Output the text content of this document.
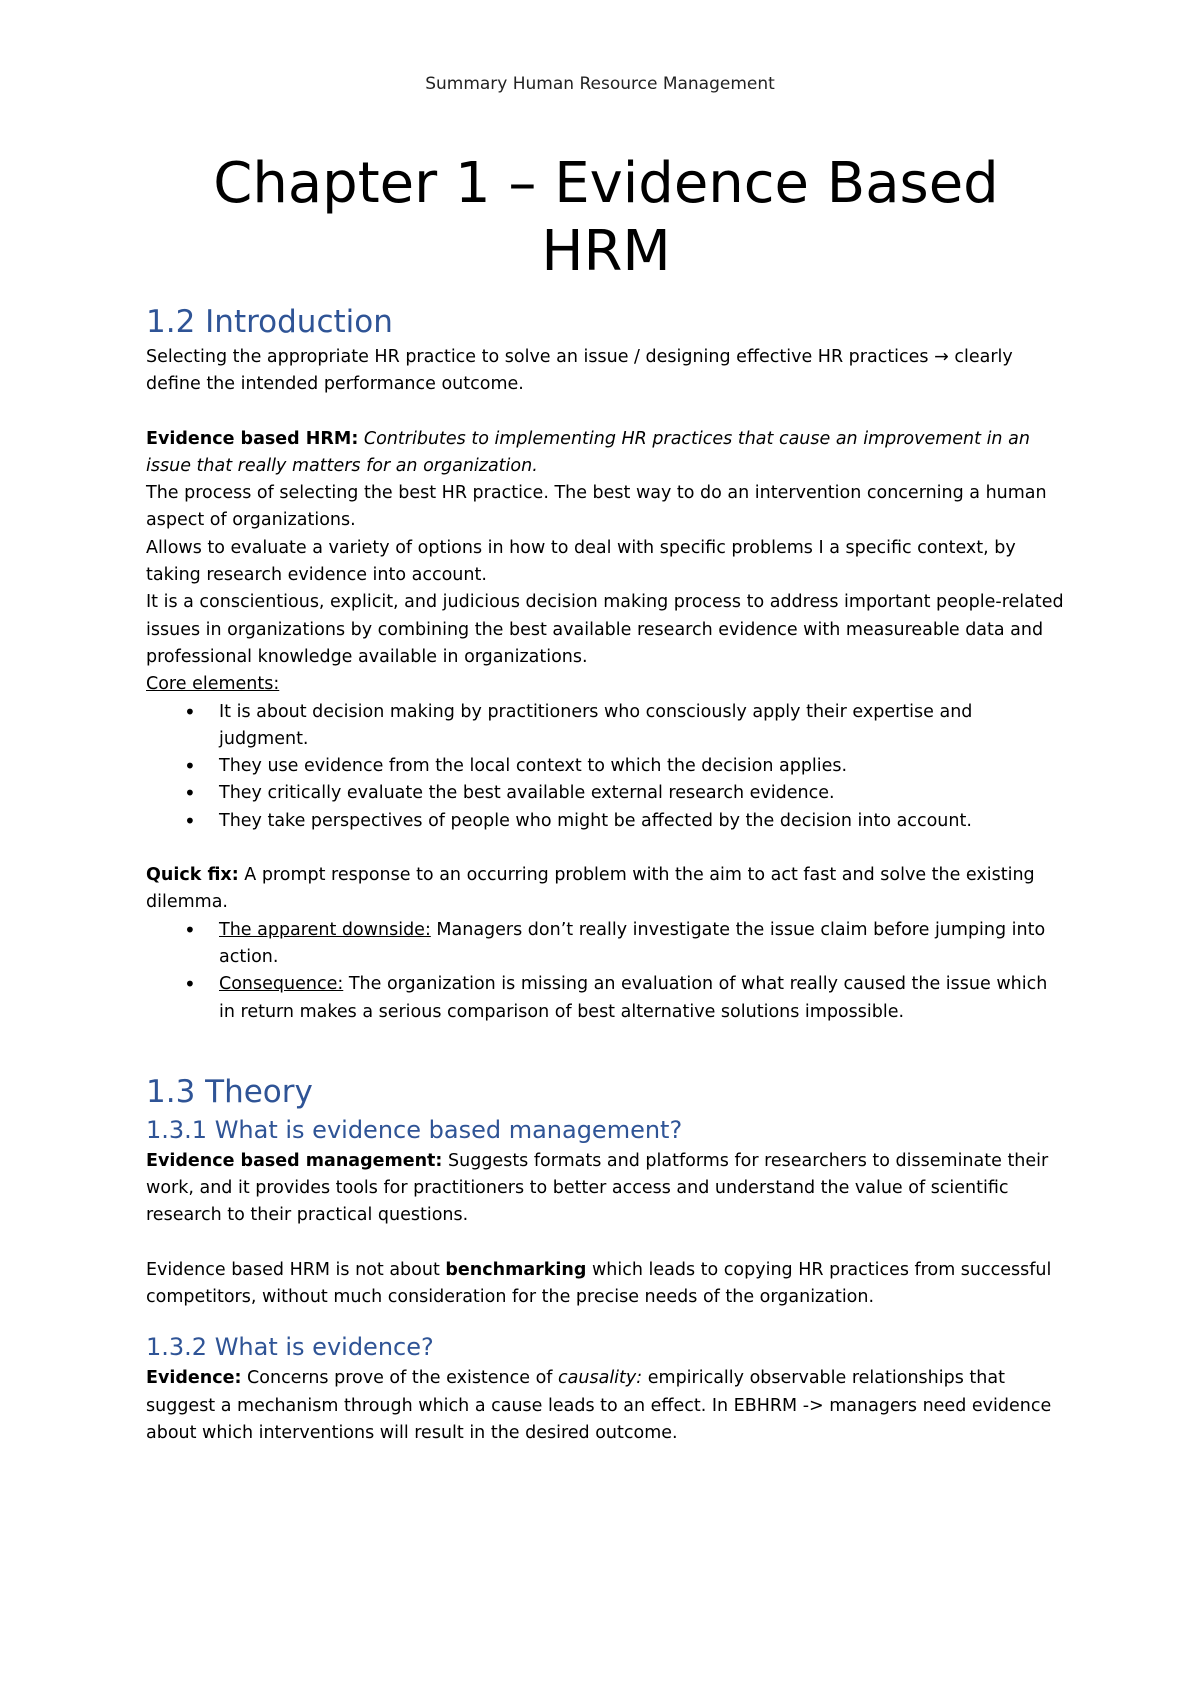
Summary Human Resource Management
Chapter 1 – Evidence Based
HRM
1.2 Introduction

Selecting the appropriate HR practice to solve an issue / designing effective HR practices → clearly define the intended performance outcome.

Evidence based HRM: Contributes to implementing HR practices that cause an improvement in an issue that really matters for an organization.

The process of selecting the best HR practice. The best way to do an intervention concerning a human aspect of organizations.

Allows to evaluate a variety of options in how to deal with specific problems I a specific context, by taking research evidence into account.

It is a conscientious, explicit, and judicious decision making process to address important people-related issues in organizations by combining the best available research evidence with measureable data and professional knowledge available in organizations.

Core elements:

• It is about decision making by practitioners who consciously apply their expertise and judgment.
• They use evidence from the local context to which the decision applies.
• They critically evaluate the best available external research evidence.
• They take perspectives of people who might be affected by the decision into account.

Quick fix: A prompt response to an occurring problem with the aim to act fast and solve the existing dilemma.

• The apparent downside: Managers don’t really investigate the issue claim before jumping into action.
• Consequence: The organization is missing an evaluation of what really caused the issue which in return makes a serious comparison of best alternative solutions impossible.
1.3 Theory
1.3.1 What is evidence based management?

Evidence based management: Suggests formats and platforms for researchers to disseminate their work, and it provides tools for practitioners to better access and understand the value of scientific research to their practical questions.

Evidence based HRM is not about benchmarking which leads to copying HR practices from successful competitors, without much consideration for the precise needs of the organization.

1.3.2 What is evidence?

Evidence: Concerns prove of the existence of causality: empirically observable relationships that suggest a mechanism through which a cause leads to an effect. In EBHRM -> managers need evidence about which interventions will result in the desired outcome.
